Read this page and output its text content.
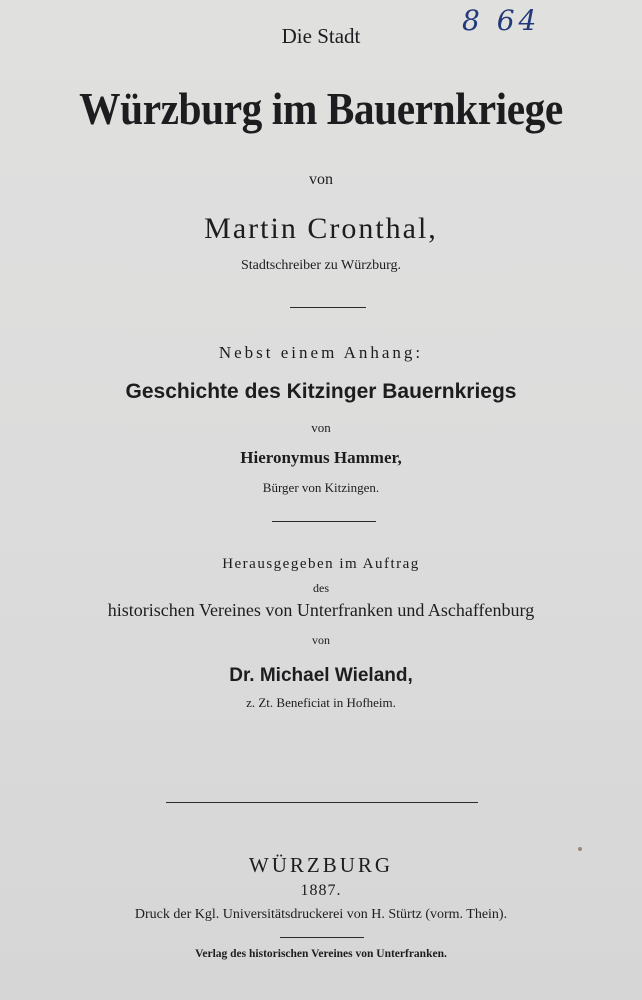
8 64
Die Stadt
Würzburg im Bauernkriege
von
Martin Cronthal,
Stadtschreiber zu Würzburg.
Nebst einem Anhang:
Geschichte des Kitzinger Bauernkriegs
von
Hieronymus Hammer,
Bürger von Kitzingen.
Herausgegeben im Auftrag
des
historischen Vereines von Unterfranken und Aschaffenburg
von
Dr. Michael Wieland,
z. Zt. Beneficiat in Hofheim.
WÜRZBURG
1887.
Druck der Kgl. Universitätsdruckerei von H. Stürtz (vorm. Thein).
Verlag des historischen Vereines von Unterfranken.
